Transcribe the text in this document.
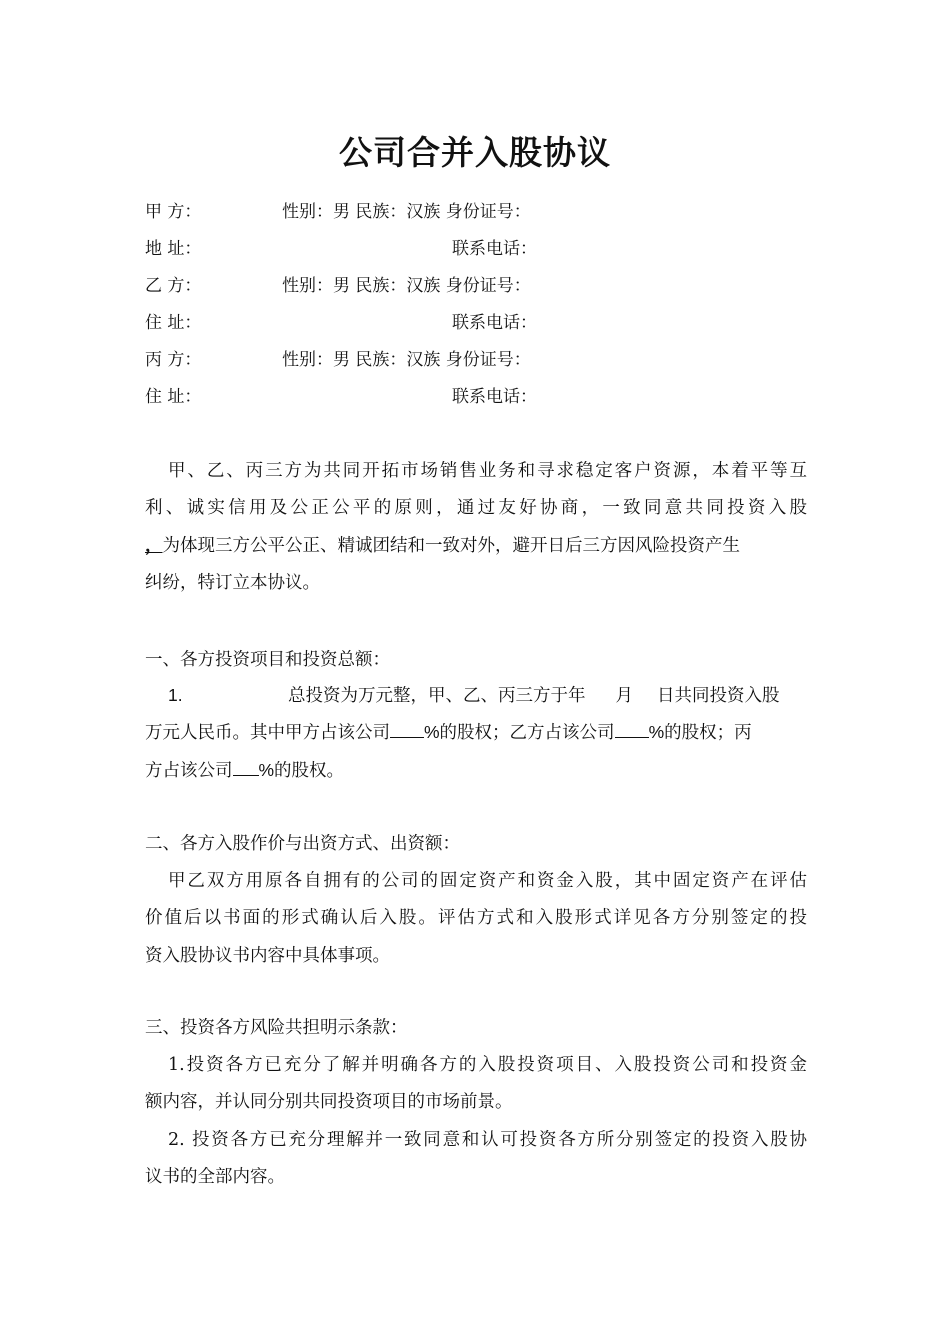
公司合并入股协议
甲 方：	性别：男 民族：汉族 身份证号：
地 址：	联系电话：
乙 方：	性别：男 民族：汉族 身份证号：
住 址：	联系电话：
丙 方：	性别：男 民族：汉族 身份证号：
住 址：	联系电话：
甲、乙、丙三方为共同开拓市场销售业务和寻求稳定客户资源，本着平等互
利、诚实信用及公正公平的原则，通过友好协商，一致同意共同投资入股
，为体现三方公平公正、精诚团结和一致对外，避开日后三方因风险投资产生
纠纷，特订立本协议。
一、各方投资项目和投资总额：
1.	总投资为万元整，甲、乙、丙三方于年 月 日共同投资入股
万元人民币。其中甲方占该公司 %的股权；乙方占该公司 %的股权；丙
方占该公司 %的股权。
二、各方入股作价与出资方式、出资额：
甲乙双方用原各自拥有的公司的固定资产和资金入股，其中固定资产在评估
价值后以书面的形式确认后入股。评估方式和入股形式详见各方分别签定的投
资入股协议书内容中具体事项。
三、投资各方风险共担明示条款：
1.投资各方已充分了解并明确各方的入股投资项目、入股投资公司和投资金
额内容，并认同分别共同投资项目的市场前景。
2. 投资各方已充分理解并一致同意和认可投资各方所分别签定的投资入股协
议书的全部内容。
